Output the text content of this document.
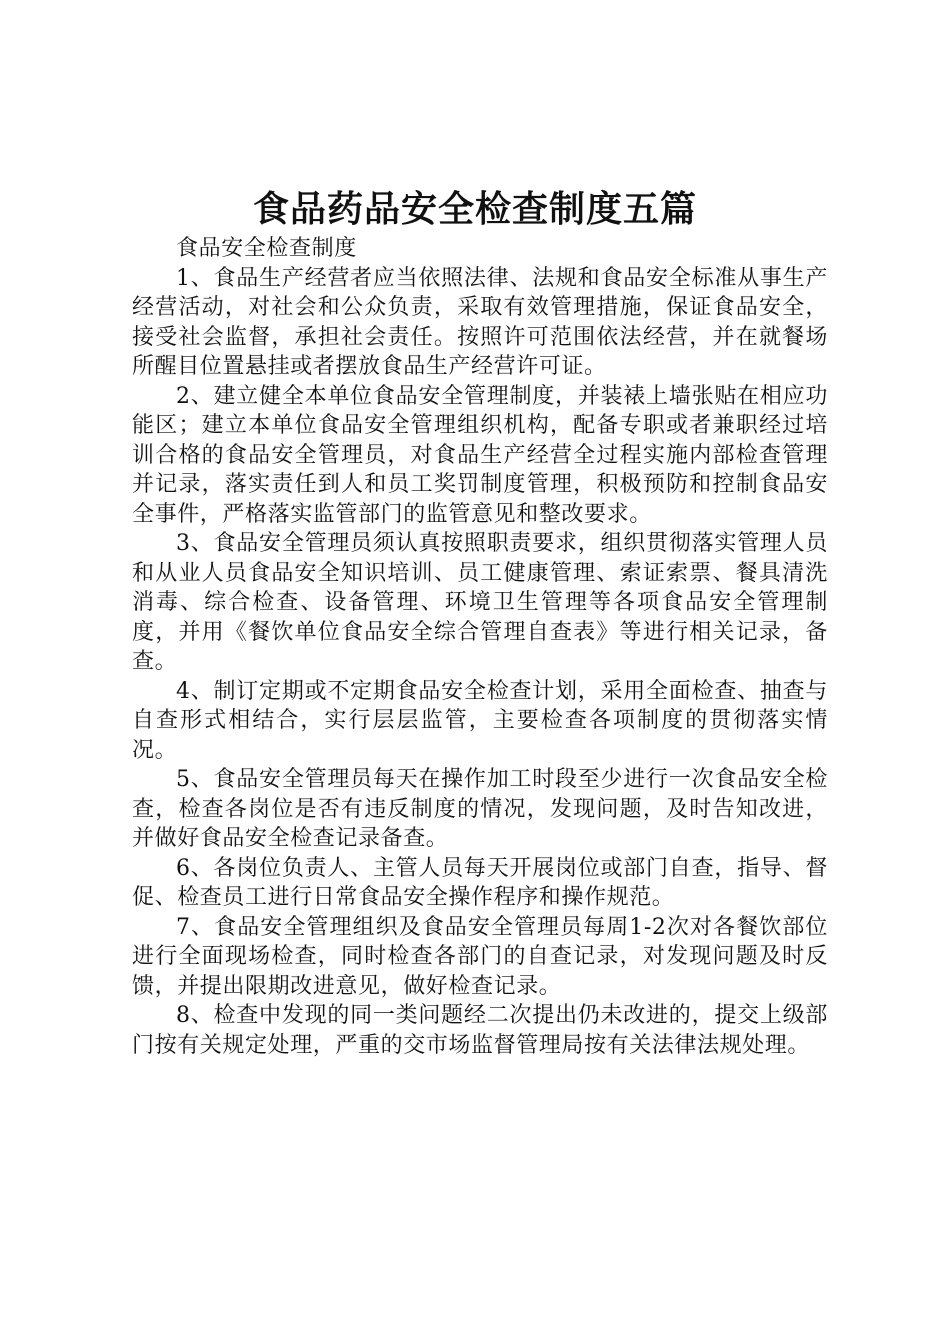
食品药品安全检查制度五篇

食品安全检查制度

1、食品生产经营者应当依照法律、法规和食品安全标准从事生产经营活动，对社会和公众负责，采取有效管理措施，保证食品安全，接受社会监督，承担社会责任。按照许可范围依法经营，并在就餐场所醒目位置悬挂或者摆放食品生产经营许可证。

2、建立健全本单位食品安全管理制度，并装裱上墙张贴在相应功能区；建立本单位食品安全管理组织机构，配备专职或者兼职经过培训合格的食品安全管理员，对食品生产经营全过程实施内部检查管理并记录，落实责任到人和员工奖罚制度管理，积极预防和控制食品安全事件，严格落实监管部门的监管意见和整改要求。

3、食品安全管理员须认真按照职责要求，组织贯彻落实管理人员和从业人员食品安全知识培训、员工健康管理、索证索票、餐具清洗消毒、综合检查、设备管理、环境卫生管理等各项食品安全管理制度，并用《餐饮单位食品安全综合管理自查表》等进行相关记录，备查。

4、制订定期或不定期食品安全检查计划，采用全面检查、抽查与自查形式相结合，实行层层监管，主要检查各项制度的贯彻落实情况。

5、食品安全管理员每天在操作加工时段至少进行一次食品安全检查，检查各岗位是否有违反制度的情况，发现问题，及时告知改进，并做好食品安全检查记录备查。

6、各岗位负责人、主管人员每天开展岗位或部门自查，指导、督促、检查员工进行日常食品安全操作程序和操作规范。

7、食品安全管理组织及食品安全管理员每周1-2次对各餐饮部位进行全面现场检查，同时检查各部门的自查记录，对发现问题及时反馈，并提出限期改进意见，做好检查记录。

8、检查中发现的同一类问题经二次提出仍未改进的，提交上级部门按有关规定处理，严重的交市场监督管理局按有关法律法规处理。
